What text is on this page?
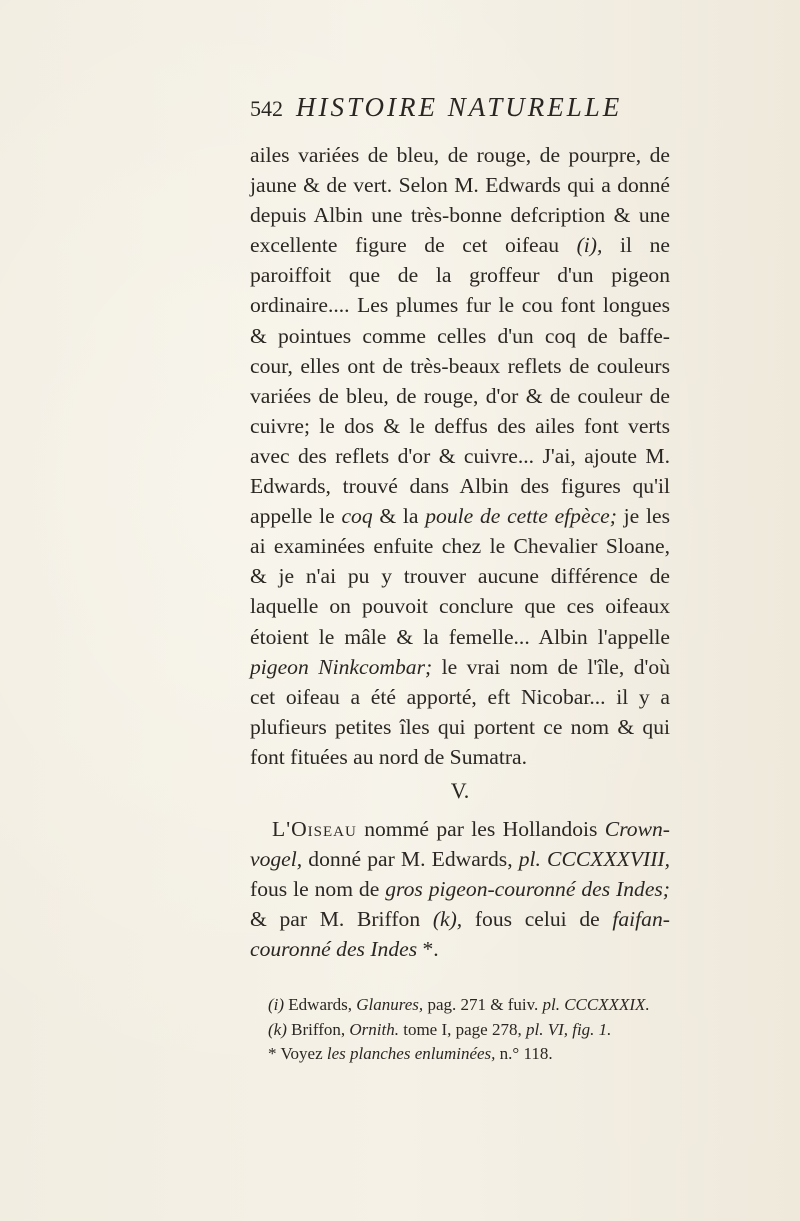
542 HISTOIRE NATURELLE

ailes variées de bleu, de rouge, de pourpre, de jaune & de vert. Selon M. Edwards qui a donné depuis Albin une très-bonne defcription & une excellente figure de cet oifeau (i), il ne paroiffoit que de la groffeur d'un pigeon ordinaire.... Les plumes fur le cou font longues & pointues comme celles d'un coq de baffe-cour, elles ont de très-beaux reflets de couleurs variées de bleu, de rouge, d'or & de couleur de cuivre; le dos & le deffus des ailes font verts avec des reflets d'or & cuivre... J'ai, ajoute M. Edwards, trouvé dans Albin des figures qu'il appelle le coq & la poule de cette efpèce; je les ai examinées enfuite chez le Chevalier Sloane, & je n'ai pu y trouver aucune différence de laquelle on pouvoit conclure que ces oifeaux étoient le mâle & la femelle... Albin l'appelle pigeon Ninkcombar; le vrai nom de l'île, d'où cet oifeau a été apporté, eft Nicobar... il y a plufieurs petites îles qui portent ce nom & qui font fituées au nord de Sumatra.

V.

L'Oiseau nommé par les Hollandois Crown-vogel, donné par M. Edwards, pl. CCCXXXVIII, fous le nom de gros pigeon-couronné des Indes; & par M. Briffon (k), fous celui de faifan-couronné des Indes *.

(i) Edwards, Glanures, pag. 271 & fuiv. pl. CCCXXXIX.

(k) Briffon, Ornith. tome I, page 278, pl. VI, fig. 1.

* Voyez les planches enluminées, n.° 118.
